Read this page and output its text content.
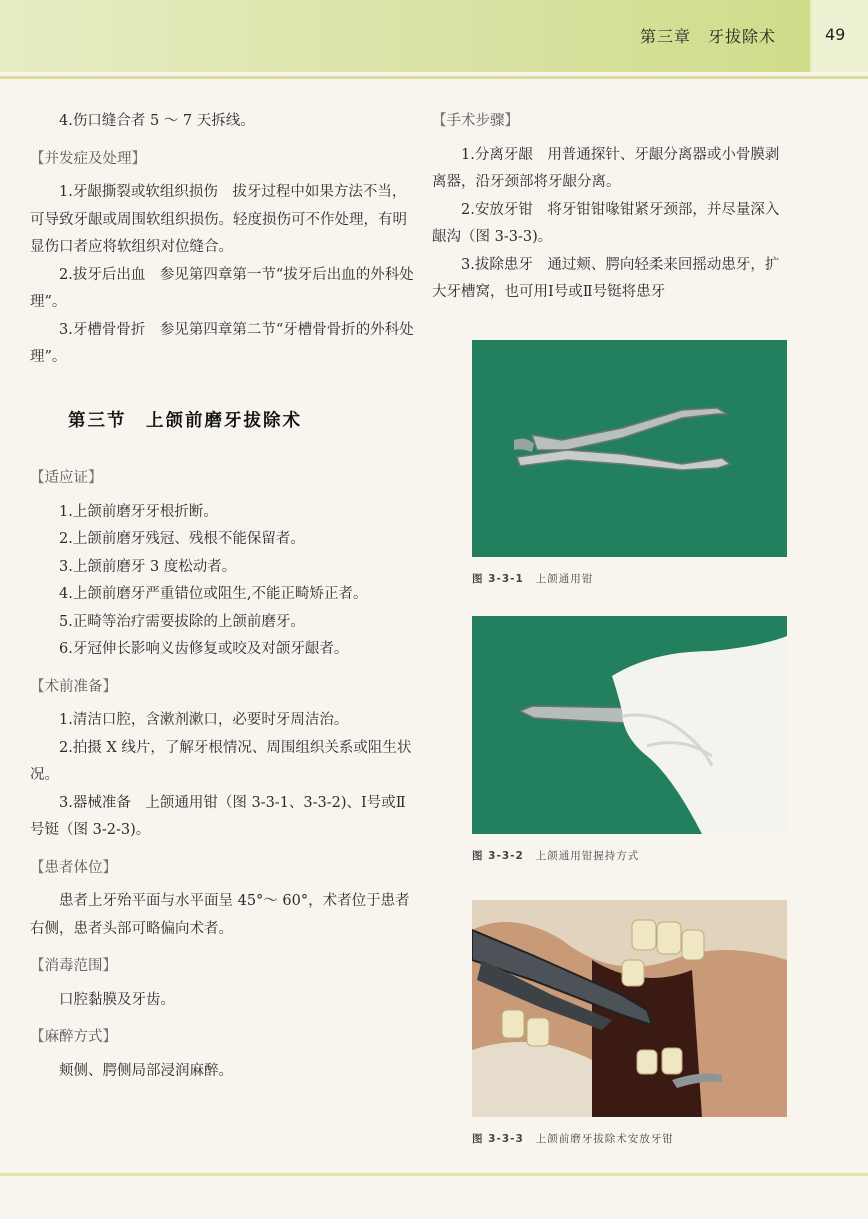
第三章　牙拔除术	49

4.伤口缝合者 5 ～ 7 天拆线。

【并发症及处理】

1.牙龈撕裂或软组织损伤　拔牙过程中如果方法不当，可导致牙龈或周围软组织损伤。轻度损伤可不作处理，有明显伤口者应将软组织对位缝合。

2.拔牙后出血　参见第四章第一节“拔牙后出血的外科处理”。

3.牙槽骨骨折　参见第四章第二节“牙槽骨骨折的外科处理”。

第三节　上颌前磨牙拔除术
【适应证】

1.上颌前磨牙牙根折断。

2.上颌前磨牙残冠、残根不能保留者。

3.上颌前磨牙 3 度松动者。

4.上颌前磨牙严重错位或阻生,不能正畸矫正者。

5.正畸等治疗需要拔除的上颌前磨牙。

6.牙冠伸长影响义齿修复或咬及对颌牙龈者。

【术前准备】

1.清洁口腔，含漱剂漱口，必要时牙周洁治。

2.拍摄 X 线片，了解牙根情况、周围组织关系或阻生状况。

3.器械准备　上颌通用钳（图 3-3-1、3-3-2)、Ⅰ号或Ⅱ号铤（图 3-2-3)。

【患者体位】

患者上牙殆平面与水平面呈 45°～ 60°，术者位于患者右侧，患者头部可略偏向术者。

【消毒范围】

口腔黏膜及牙齿。

【麻醉方式】

颊侧、腭侧局部浸润麻醉。

【手术步骤】

1.分离牙龈　用普通探针、牙龈分离器或小骨膜剥离器，沿牙颈部将牙龈分离。

2.安放牙钳　将牙钳钳喙钳紧牙颈部，并尽量深入龈沟（图 3-3-3)。

3.拔除患牙　通过颊、腭向轻柔来回摇动患牙，扩大牙槽窝，也可用Ⅰ号或Ⅱ号铤将患牙

图 3-3-1 上颌通用钳
图 3-3-2 上颌通用钳握持方式
图 3-3-3 上颌前磨牙拔除术安放牙钳
